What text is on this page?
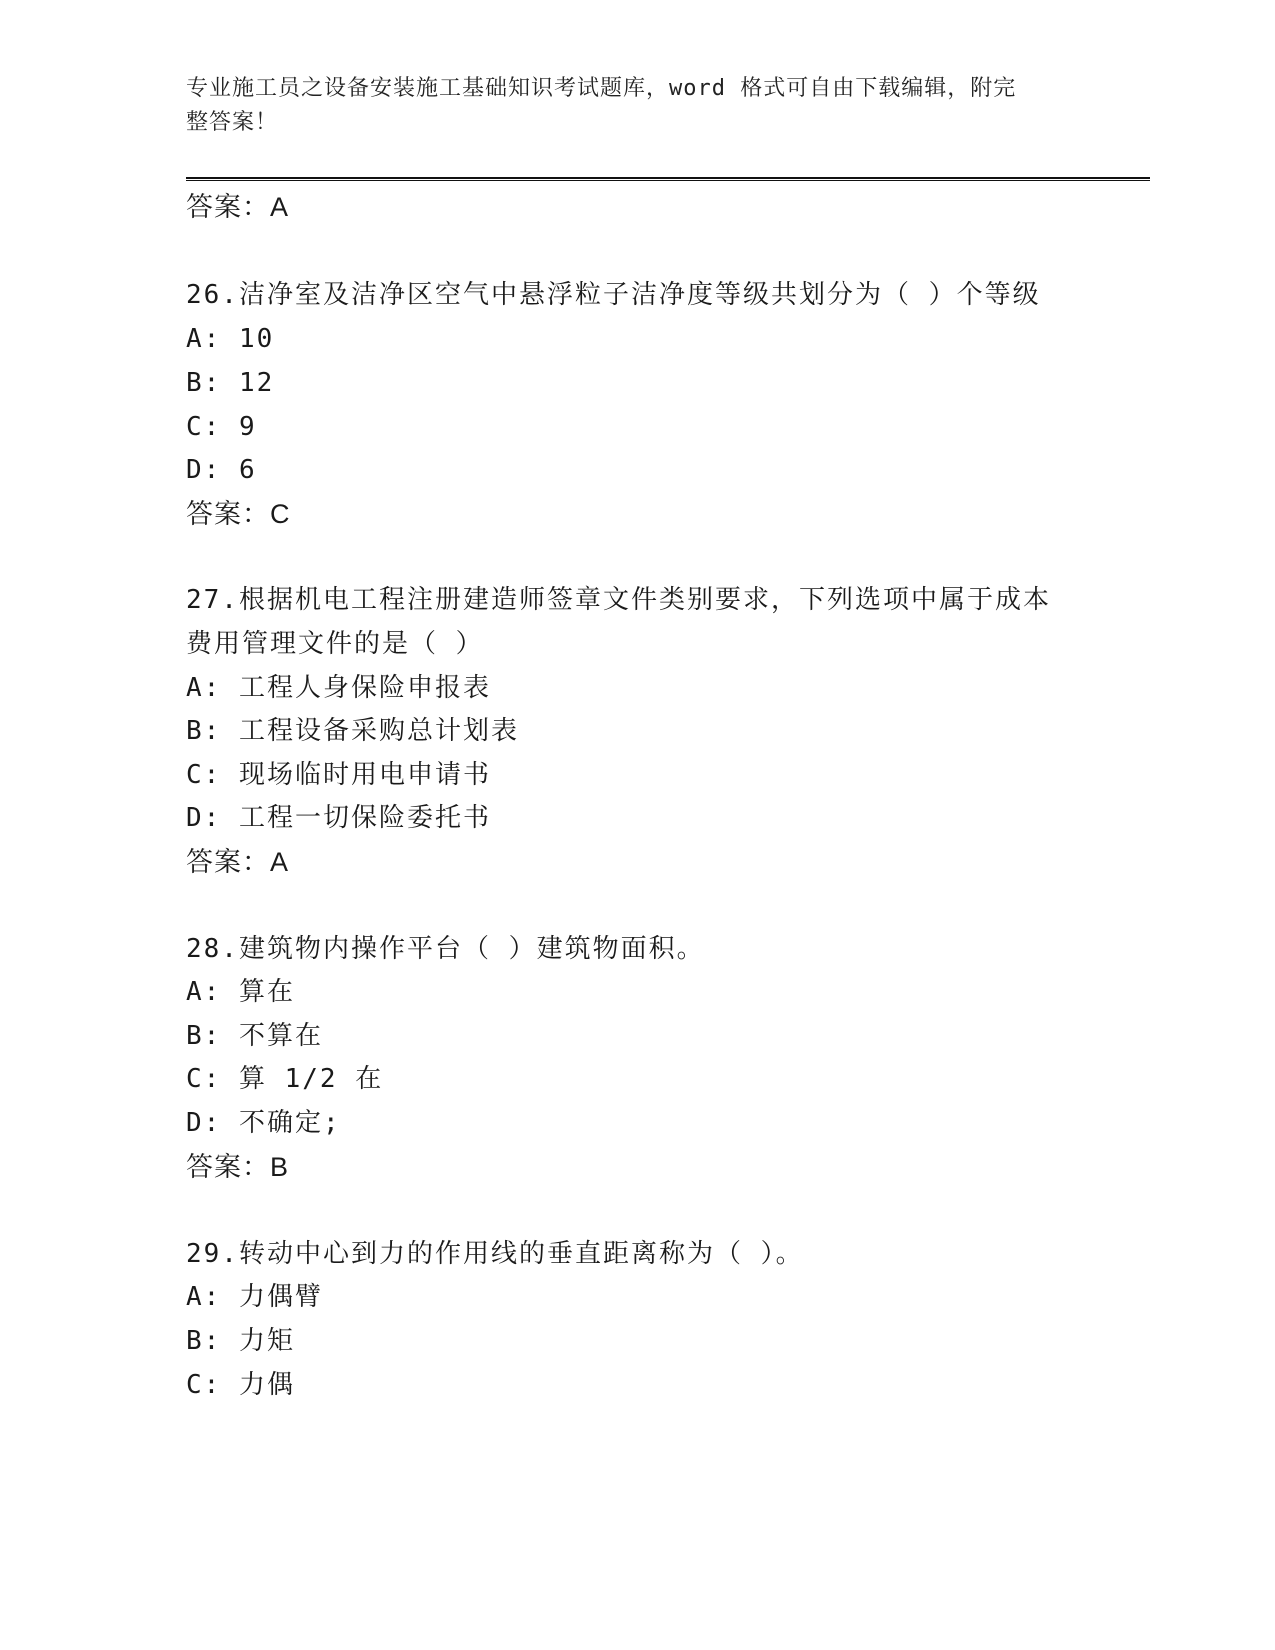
专业施工员之设备安装施工基础知识考试题库，word 格式可自由下载编辑，附完
整答案！
答案：A
26.洁净室及洁净区空气中悬浮粒子洁净度等级共划分为（ ）个等级
A: 10
B: 12
C: 9
D: 6
答案：C
27.根据机电工程注册建造师签章文件类别要求，下列选项中属于成本
费用管理文件的是（ ）
A: 工程人身保险申报表
B: 工程设备采购总计划表
C: 现场临时用电申请书
D: 工程一切保险委托书
答案：A
28.建筑物内操作平台（ ）建筑物面积。
A: 算在
B: 不算在
C: 算 1/2 在
D: 不确定;
答案：B
29.转动中心到力的作用线的垂直距离称为（ ）。
A: 力偶臂
B: 力矩
C: 力偶
